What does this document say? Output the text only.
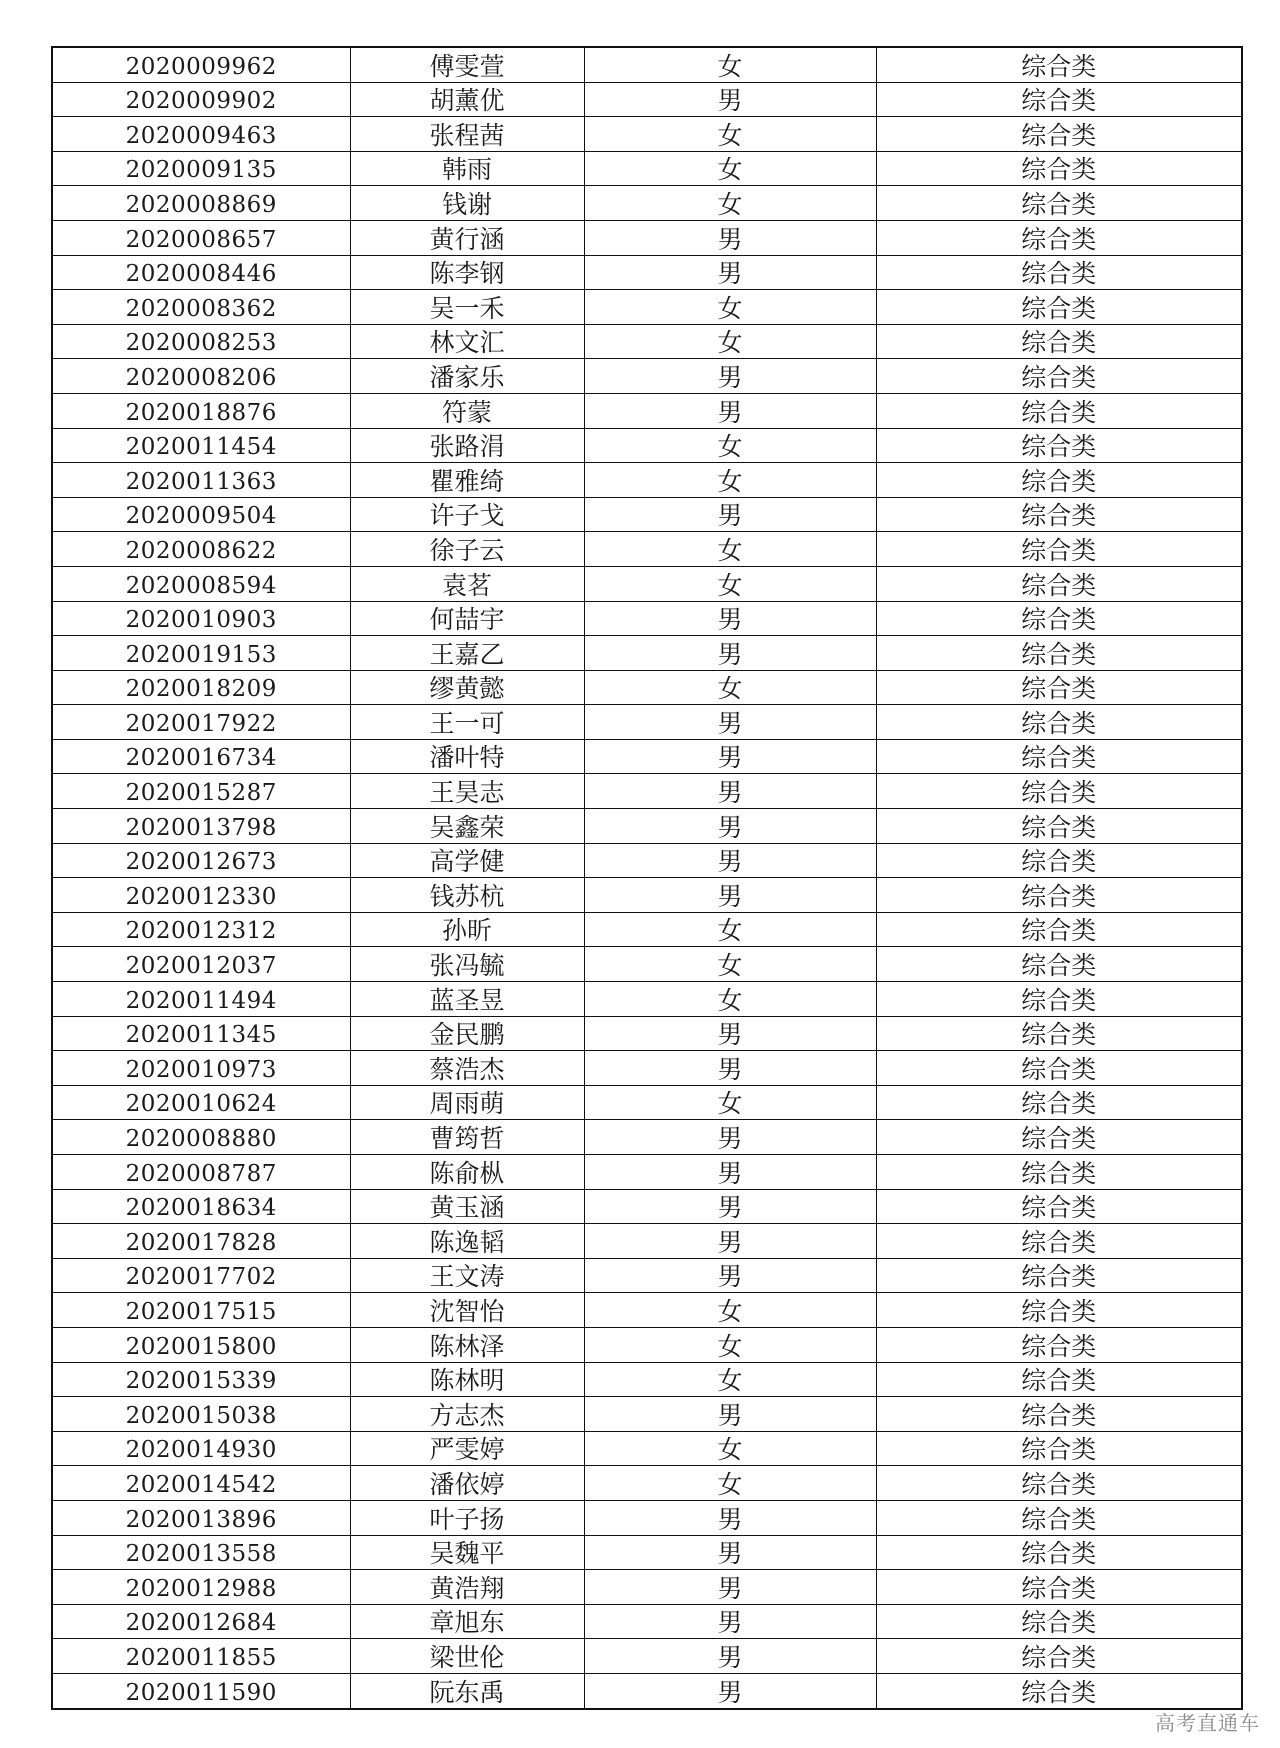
2020009962	傅雯萱	女	综合类
2020009902	胡薰优	男	综合类
2020009463	张程茜	女	综合类
2020009135	韩雨	女	综合类
2020008869	钱谢	女	综合类
2020008657	黄行涵	男	综合类
2020008446	陈李钢	男	综合类
2020008362	吴一禾	女	综合类
2020008253	林文汇	女	综合类
2020008206	潘家乐	男	综合类
2020018876	符蒙	男	综合类
2020011454	张路涓	女	综合类
2020011363	瞿雅绮	女	综合类
2020009504	许子戈	男	综合类
2020008622	徐子云	女	综合类
2020008594	袁茗	女	综合类
2020010903	何喆宇	男	综合类
2020019153	王嘉乙	男	综合类
2020018209	缪黄懿	女	综合类
2020017922	王一可	男	综合类
2020016734	潘叶特	男	综合类
2020015287	王昊志	男	综合类
2020013798	吴鑫荣	男	综合类
2020012673	高学健	男	综合类
2020012330	钱苏杭	男	综合类
2020012312	孙昕	女	综合类
2020012037	张冯毓	女	综合类
2020011494	蓝圣昱	女	综合类
2020011345	金民鹏	男	综合类
2020010973	蔡浩杰	男	综合类
2020010624	周雨萌	女	综合类
2020008880	曹筠哲	男	综合类
2020008787	陈俞枞	男	综合类
2020018634	黄玉涵	男	综合类
2020017828	陈逸韬	男	综合类
2020017702	王文涛	男	综合类
2020017515	沈智怡	女	综合类
2020015800	陈林泽	女	综合类
2020015339	陈林明	女	综合类
2020015038	方志杰	男	综合类
2020014930	严雯婷	女	综合类
2020014542	潘依婷	女	综合类
2020013896	叶子扬	男	综合类
2020013558	吴魏平	男	综合类
2020012988	黄浩翔	男	综合类
2020012684	章旭东	男	综合类
2020011855	梁世伦	男	综合类
2020011590	阮东禹	男	综合类
高考直通车
